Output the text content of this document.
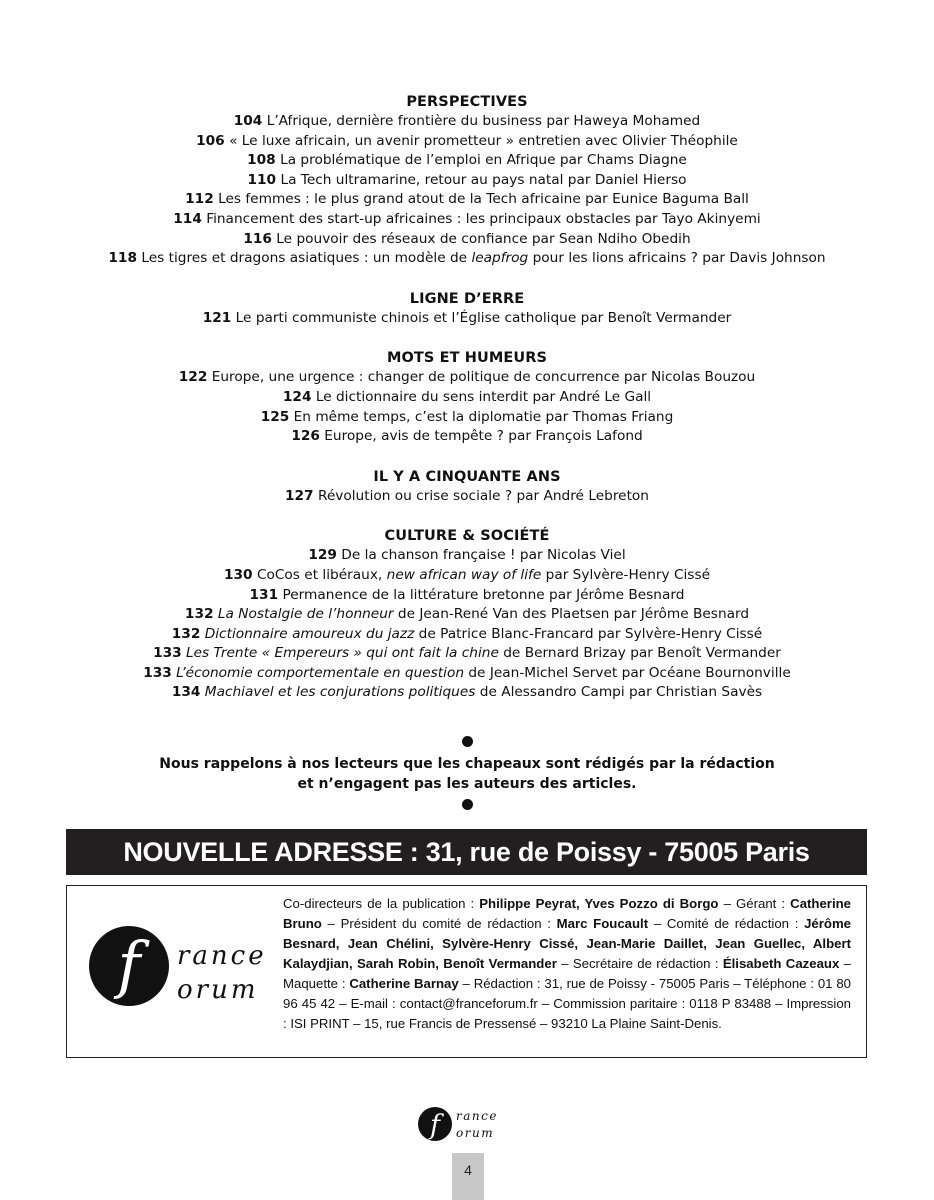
PERSPECTIVES
104 L’Afrique, dernière frontière du business par Haweya Mohamed
106 « Le luxe africain, un avenir prometteur » entretien avec Olivier Théophile
108 La problématique de l’emploi en Afrique par Chams Diagne
110 La Tech ultramarine, retour au pays natal par Daniel Hierso
112 Les femmes : le plus grand atout de la Tech africaine par Eunice Baguma Ball
114 Financement des start-up africaines : les principaux obstacles par Tayo Akinyemi
116 Le pouvoir des réseaux de confiance par Sean Ndiho Obedih
118 Les tigres et dragons asiatiques : un modèle de leapfrog pour les lions africains ? par Davis Johnson
LIGNE D’ERRE
121 Le parti communiste chinois et l’Église catholique par Benoît Vermander
MOTS ET HUMEURS
122 Europe, une urgence : changer de politique de concurrence par Nicolas Bouzou
124 Le dictionnaire du sens interdit par André Le Gall
125 En même temps, c’est la diplomatie par Thomas Friang
126 Europe, avis de tempête ? par François Lafond
IL Y A CINQUANTE ANS
127 Révolution ou crise sociale ? par André Lebreton
CULTURE & SOCIÉTÉ
129 De la chanson française ! par Nicolas Viel
130 CoCos et libéraux, new african way of life par Sylvère-Henry Cissé
131 Permanence de la littérature bretonne par Jérôme Besnard
132 La Nostalgie de l’honneur de Jean-René Van des Plaetsen par Jérôme Besnard
132 Dictionnaire amoureux du jazz de Patrice Blanc-Francard par Sylvère-Henry Cissé
133 Les Trente « Empereurs » qui ont fait la chine de Bernard Brizay par Benoît Vermander
133 L’économie comportementale en question de Jean-Michel Servet par Océane Bournonville
134 Machiavel et les conjurations politiques de Alessandro Campi par Christian Savès
Nous rappelons à nos lecteurs que les chapeaux sont rédigés par la rédaction
et n’engagent pas les auteurs des articles.
NOUVELLE ADRESSE : 31, rue de Poissy - 75005 Paris
f	rance
orum
Co-directeurs de la publication : Philippe Peyrat, Yves Pozzo di Borgo – Gérant : Catherine Bruno – Président du comité de rédaction : Marc Foucault – Comité de rédaction : Jérôme Besnard, Jean Chélini, Sylvère-Henry Cissé, Jean-Marie Daillet, Jean Guellec, Albert Kalaydjian, Sarah Robin, Benoît Vermander – Secrétaire de rédaction : Élisabeth Cazeaux – Maquette : Catherine Barnay – Rédaction : 31, rue de Poissy - 75005 Paris – Téléphone : 01 80 96 45 42 – E-mail : contact@franceforum.fr – Commission paritaire : 0118 P 83488 – Impression : ISI PRINT – 15, rue Francis de Pressensé – 93210 La Plaine Saint-Denis.
f	rance
orum
4
